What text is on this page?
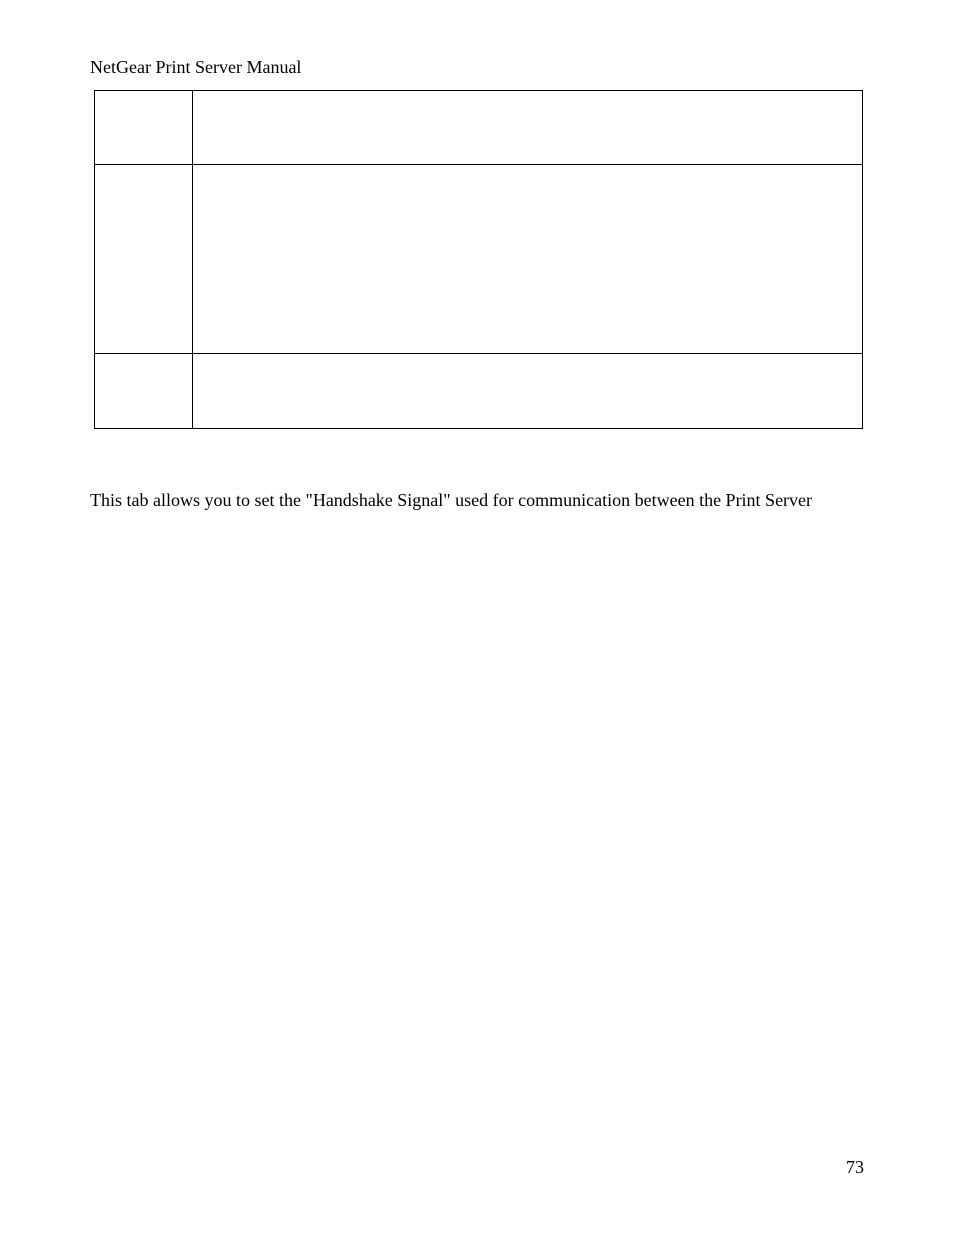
NetGear Print Server Manual

This tab allows you to set the "Handshake Signal" used for communication between the Print Server
73
